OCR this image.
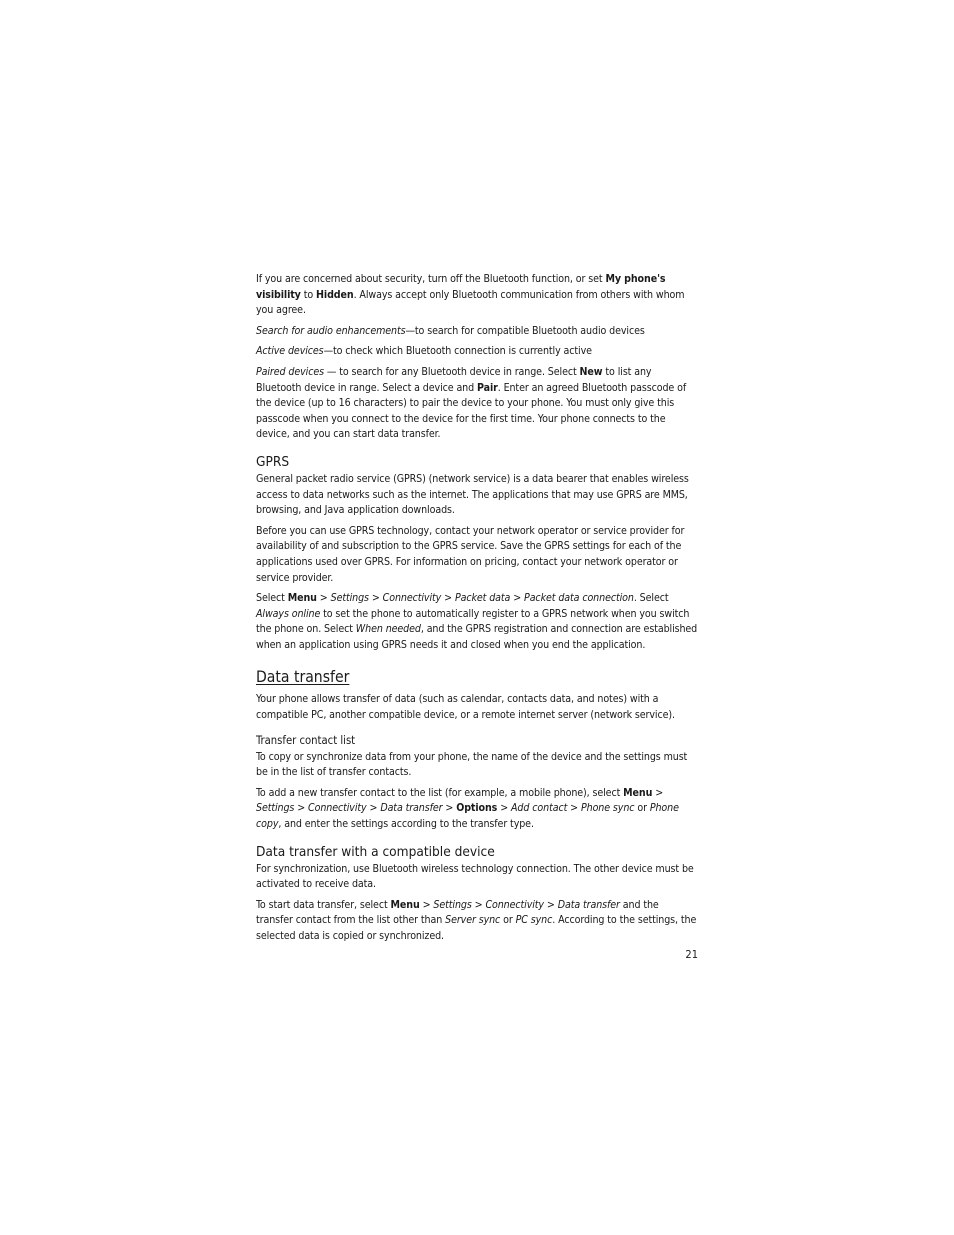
If you are concerned about security, turn off the Bluetooth function, or set My phone's visibility to Hidden. Always accept only Bluetooth communication from others with whom you agree.

Search for audio enhancements—to search for compatible Bluetooth audio devices

Active devices—to check which Bluetooth connection is currently active

Paired devices — to search for any Bluetooth device in range. Select New to list any Bluetooth device in range. Select a device and Pair. Enter an agreed Bluetooth passcode of the device (up to 16 characters) to pair the device to your phone. You must only give this passcode when you connect to the device for the first time. Your phone connects to the device, and you can start data transfer.

GPRS

General packet radio service (GPRS) (network service) is a data bearer that enables wireless access to data networks such as the internet. The applications that may use GPRS are MMS, browsing, and Java application downloads.

Before you can use GPRS technology, contact your network operator or service provider for availability of and subscription to the GPRS service. Save the GPRS settings for each of the applications used over GPRS. For information on pricing, contact your network operator or service provider.

Select Menu > Settings > Connectivity > Packet data > Packet data connection. Select Always online to set the phone to automatically register to a GPRS network when you switch the phone on. Select When needed, and the GPRS registration and connection are established when an application using GPRS needs it and closed when you end the application.

Data transfer

Your phone allows transfer of data (such as calendar, contacts data, and notes) with a compatible PC, another compatible device, or a remote internet server (network service).

Transfer contact list

To copy or synchronize data from your phone, the name of the device and the settings must be in the list of transfer contacts.

To add a new transfer contact to the list (for example, a mobile phone), select Menu > Settings > Connectivity > Data transfer > Options > Add contact > Phone sync or Phone copy, and enter the settings according to the transfer type.

Data transfer with a compatible device

For synchronization, use Bluetooth wireless technology connection. The other device must be activated to receive data.

To start data transfer, select Menu > Settings > Connectivity > Data transfer and the transfer contact from the list other than Server sync or PC sync. According to the settings, the selected data is copied or synchronized.

21
